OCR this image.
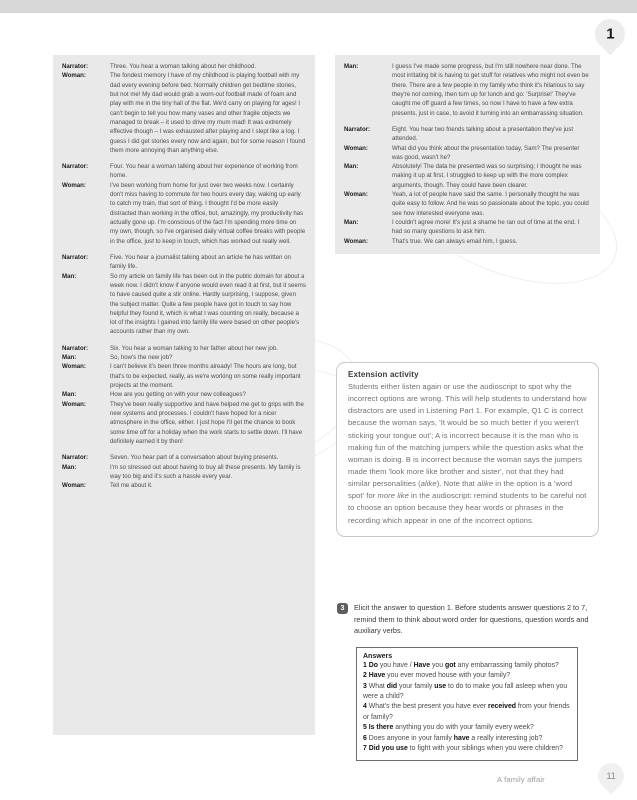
1
Narrator:	Three. You hear a woman talking about her childhood.
Woman:	The fondest memory I have of my childhood is playing football with my dad every evening before bed. Normally children get bedtime stories, but not me! My dad would grab a worn-out football made of foam and play with me in the tiny hall of the flat. We'd carry on playing for ages! I can't begin to tell you how many vases and other fragile objects we managed to break – it used to drive my mum mad! It was extremely effective though – I was exhausted after playing and I slept like a log. I guess I did get stories every now and again, but for some reason I found them more annoying than anything else.

Narrator:	Four. You hear a woman talking about her experience of working from home.
Woman:	I've been working from home for just over two weeks now. I certainly don't miss having to commute for two hours every day, waking up early to catch my train, that sort of thing. I thought I'd be more easily distracted than working in the office, but, amazingly, my productivity has actually gone up. I'm conscious of the fact I'm spending more time on my own, though, so I've organised daily virtual coffee breaks with people in the office, just to keep in touch, which has worked out really well.

Narrator:	Five. You hear a journalist talking about an article he has written on family life.
Man:	So my article on family life has been out in the public domain for about a week now. I didn't know if anyone would even read it at first, but it seems to have caused quite a stir online. Hardly surprising, I suppose, given the subject matter. Quite a few people have got in touch to say how helpful they found it, which is what I was counting on really, because a lot of the insights I gained into family life were based on other people's accounts rather than my own.

Narrator:	Six. You hear a woman talking to her father about her new job.
Man:	So, how's the new job?
Woman:	I can't believe it's been three months already! The hours are long, but that's to be expected, really, as we're working on some really important projects at the moment.
Man:	How are you getting on with your new colleagues?
Woman:	They've been really supportive and have helped me get to grips with the new systems and processes. I couldn't have hoped for a nicer atmosphere in the office, either. I just hope I'll get the chance to book some time off for a holiday when the work starts to settle down. I'll have definitely earned it by then!

Narrator:	Seven. You hear part of a conversation about buying presents.
Man:	I'm so stressed out about having to buy all these presents. My family is way too big and it's such a hassle every year.
Woman:	Tell me about it.
Man:	I guess I've made some progress, but I'm still nowhere near done. The most irritating bit is having to get stuff for relatives who might not even be there. There are a few people in my family who think it's hilarious to say they're not coming, then turn up for lunch and go: 'Surprise!' They've caught me off guard a few times, so now I have to have a few extra presents, just in case, to avoid it turning into an embarrassing situation.

Narrator:	Eight. You hear two friends talking about a presentation they've just attended.
Woman:	What did you think about the presentation today, Sam? The presenter was good, wasn't he?
Man:	Absolutely! The data he presented was so surprising; I thought he was making it up at first. I struggled to keep up with the more complex arguments, though. They could have been clearer.
Woman:	Yeah, a lot of people have said the same. I personally thought he was quite easy to follow. And he was so passionate about the topic, you could see how interested everyone was.
Man:	I couldn't agree more! It's just a shame he ran out of time at the end. I had so many questions to ask him.
Woman:	That's true. We can always email him, I guess.
Extension activity
Students either listen again or use the audioscript to spot why the incorrect options are wrong. This will help students to understand how distractors are used in Listening Part 1. For example, Q1 C is correct because the woman says, 'It would be so much better if you weren't sticking your tongue out'; A is incorrect because it is the man who is making fun of the matching jumpers while the question asks what the woman is doing. B is incorrect because the woman says the jumpers made them 'look more like brother and sister', not that they had similar personalities (alike). Note that alike in the option is a 'word spot' for more like in the audioscript: remind students to be careful not to choose an option because they hear words or phrases in the recording which appear in one of the incorrect options.
3	Elicit the answer to question 1. Before students answer questions 2 to 7, remind them to think about word order for questions, question words and auxiliary verbs.
Answers
1 Do you have / Have you got any embarrassing family photos?
2 Have you ever moved house with your family?
3 What did your family use to do to make you fall asleep when you were a child?
4 What's the best present you have ever received from your friends or family?
5 Is there anything you do with your family every week?
6 Does anyone in your family have a really interesting job?
7 Did you use to fight with your siblings when you were children?
A family affair	11
